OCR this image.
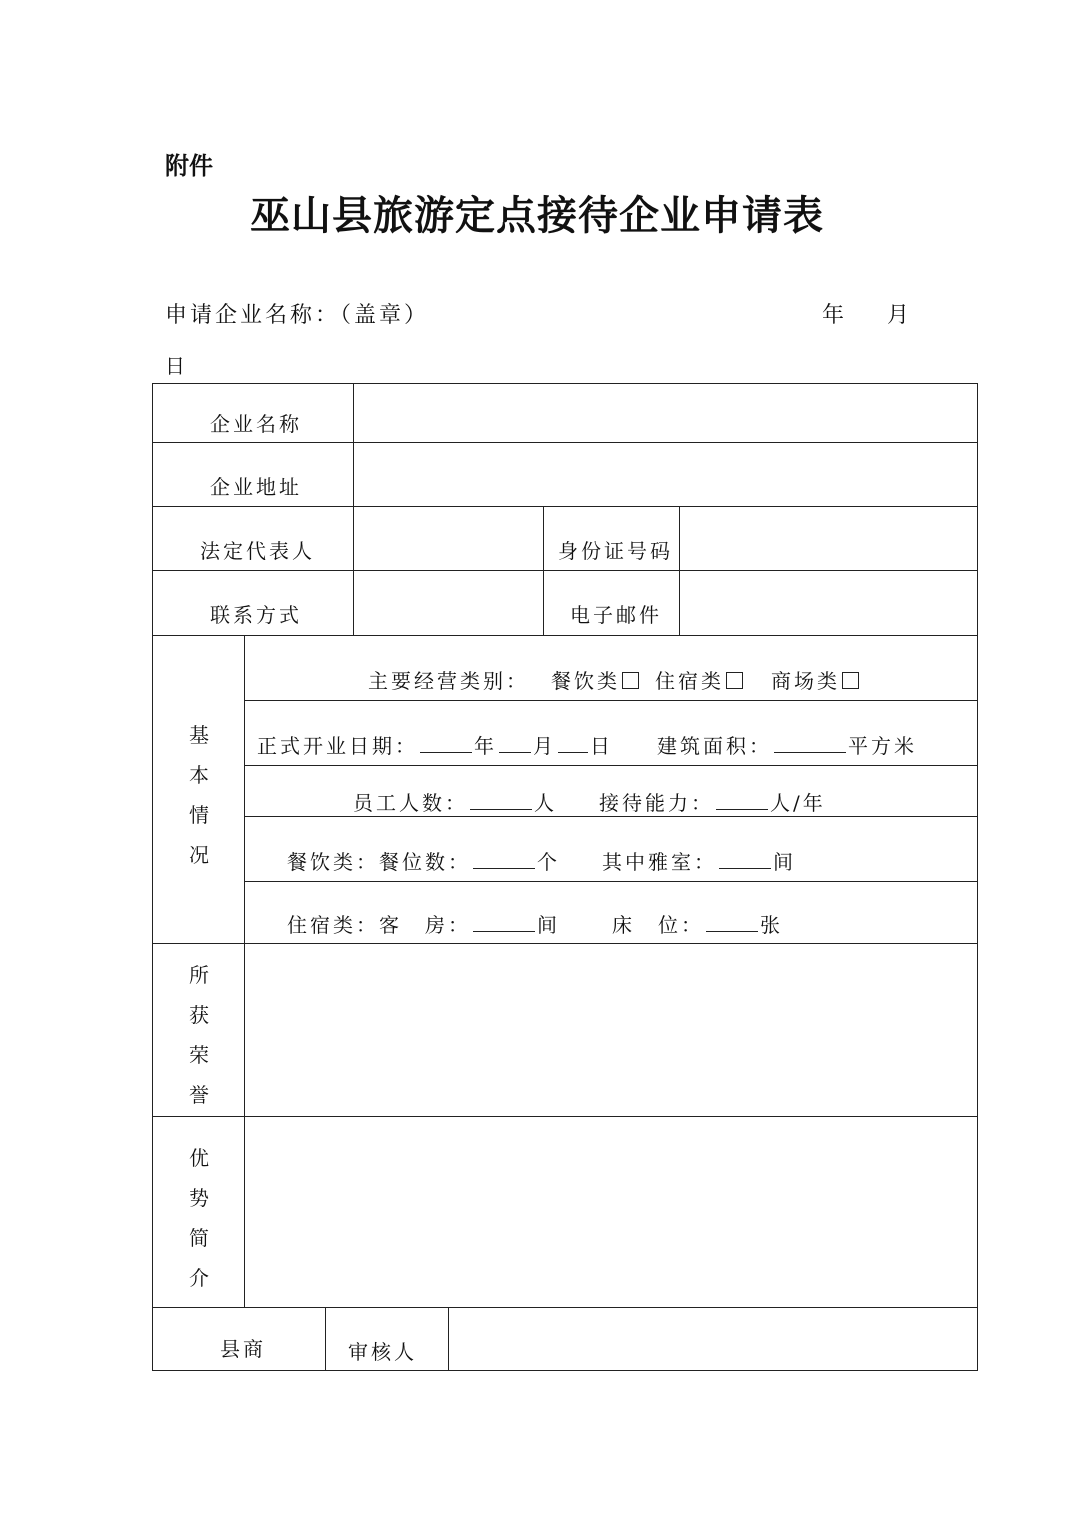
附件
巫山县旅游定点接待企业申请表
申请企业名称：（盖章）	年 月
日
企业名称
企业地址
法定代表人	身份证号码
联系方式	电子邮件
基
本
情
况
主要经营类别： 餐饮类 住宿类 商场类
正式开业日期：	年 月 日 建筑面积：	平方米
员工人数：	人 接待能力：	人/年
餐饮类：餐位数：	个 其中雅室：	间
住宿类：客　房：	间	床　位：	张
所
获
荣
誉
优
势
简
介
县商	审核人
